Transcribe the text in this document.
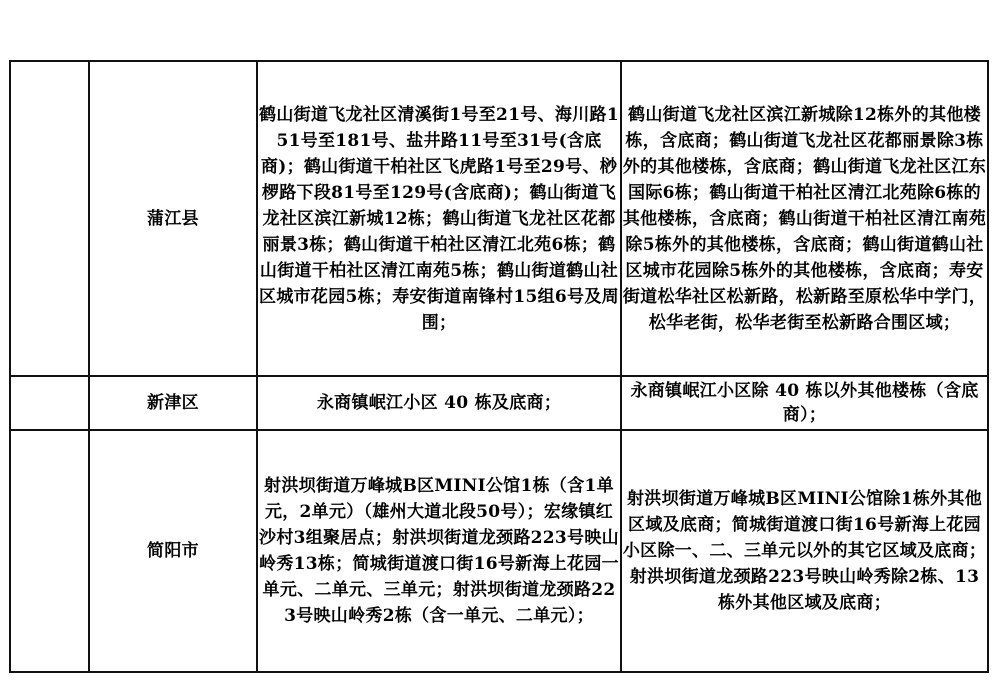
	蒲江县	鹤山街道飞龙社区清溪街1号至21号、海川路151号至181号、盐井路11号至31号(含底商)；鹤山街道干柏社区飞虎路1号至29号、桫椤路下段81号至129号(含底商)；鹤山街道飞龙社区滨江新城12栋；鹤山街道飞龙社区花都丽景3栋；鹤山街道干柏社区清江北苑6栋；鹤山街道干柏社区清江南苑5栋；鹤山街道鹤山社区城市花园5栋；寿安街道南锋村15组6号及周围；	鹤山街道飞龙社区滨江新城除12栋外的其他楼栋，含底商；鹤山街道飞龙社区花都丽景除3栋外的其他楼栋，含底商；鹤山街道飞龙社区江东国际6栋；鹤山街道干柏社区清江北苑除6栋的其他楼栋，含底商；鹤山街道干柏社区清江南苑除5栋外的其他楼栋，含底商；鹤山街道鹤山社区城市花园除5栋外的其他楼栋，含底商；寿安街道松华社区松新路，松新路至原松华中学门，松华老街，松华老街至松新路合围区域；

	新津区	永商镇岷江小区 40 栋及底商；	永商镇岷江小区除 40 栋以外其他楼栋（含底商）；

	简阳市	射洪坝街道万峰城B区MINI公馆1栋（含1单元，2单元）（雄州大道北段50号）；宏缘镇红沙村3组聚居点；射洪坝街道龙颈路223号映山岭秀13栋；简城街道渡口街16号新海上花园一单元、二单元、三单元；射洪坝街道龙颈路223号映山岭秀2栋（含一单元、二单元）；	射洪坝街道万峰城B区MINI公馆除1栋外其他区域及底商；简城街道渡口街16号新海上花园小区除一、二、三单元以外的其它区域及底商；射洪坝街道龙颈路223号映山岭秀除2栋、13栋外其他区域及底商；
